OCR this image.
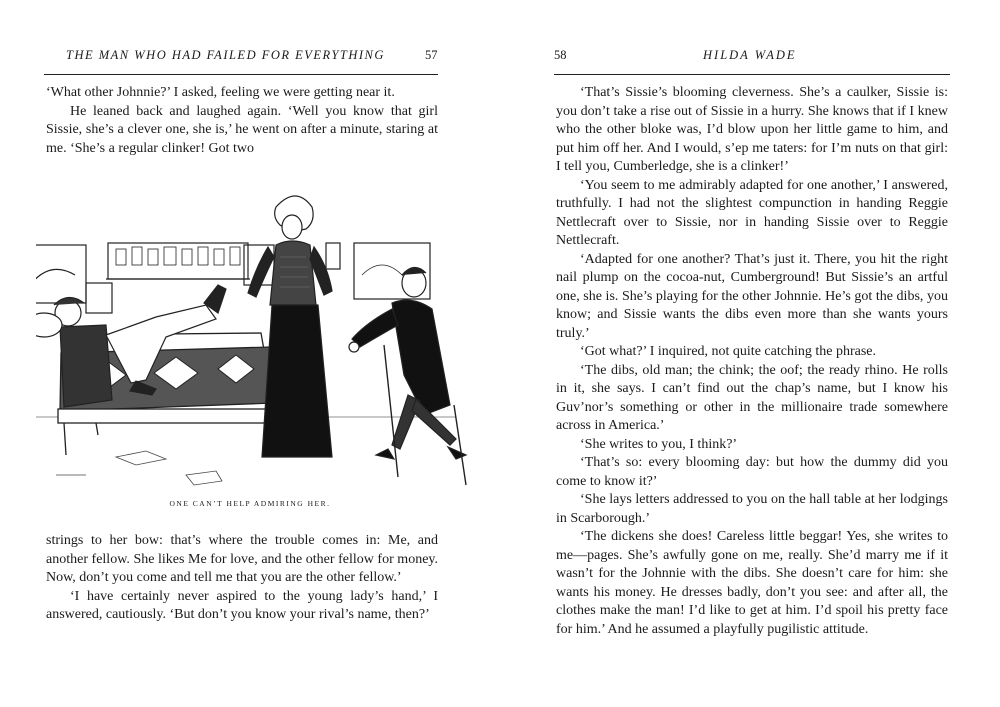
THE MAN WHO HAD FAILED FOR EVERYTHING	57

‘What other Johnnie?’ I asked, feeling we were getting near it.

He leaned back and laughed again. ‘Well you know that girl Sissie, she’s a clever one, she is,’ he went on after a minute, staring at me. ‘She’s a regular clinker! Got two

ONE CAN’T HELP ADMIRING HER.

strings to her bow: that’s where the trouble comes in: Me, and another fellow. She likes Me for love, and the other fellow for money. Now, don’t you come and tell me that you are the other fellow.’

‘I have certainly never aspired to the young lady’s hand,’ I answered, cautiously. ‘But don’t you know your rival’s name, then?’

58	HILDA WADE

‘That’s Sissie’s blooming cleverness. She’s a caulker, Sissie is: you don’t take a rise out of Sissie in a hurry. She knows that if I knew who the other bloke was, I’d blow upon her little game to him, and put him off her. And I would, s’ep me taters: for I’m nuts on that girl: I tell you, Cumberledge, she is a clinker!’

‘You seem to me admirably adapted for one another,’ I answered, truthfully. I had not the slightest compunction in handing Reggie Nettlecraft over to Sissie, nor in handing Sissie over to Reggie Nettlecraft.

‘Adapted for one another? That’s just it. There, you hit the right nail plump on the cocoa-nut, Cumberground! But Sissie’s an artful one, she is. She’s playing for the other Johnnie. He’s got the dibs, you know; and Sissie wants the dibs even more than she wants yours truly.’

‘Got what?’ I inquired, not quite catching the phrase.

‘The dibs, old man; the chink; the oof; the ready rhino. He rolls in it, she says. I can’t find out the chap’s name, but I know his Guv’nor’s something or other in the millionaire trade somewhere across in America.’

‘She writes to you, I think?’

‘That’s so: every blooming day: but how the dummy did you come to know it?’

‘She lays letters addressed to you on the hall table at her lodgings in Scarborough.’

‘The dickens she does! Careless little beggar! Yes, she writes to me—pages. She’s awfully gone on me, really. She’d marry me if it wasn’t for the Johnnie with the dibs. She doesn’t care for him: she wants his money. He dresses badly, don’t you see: and after all, the clothes make the man! I’d like to get at him. I’d spoil his pretty face for him.’ And he assumed a playfully pugilistic attitude.
